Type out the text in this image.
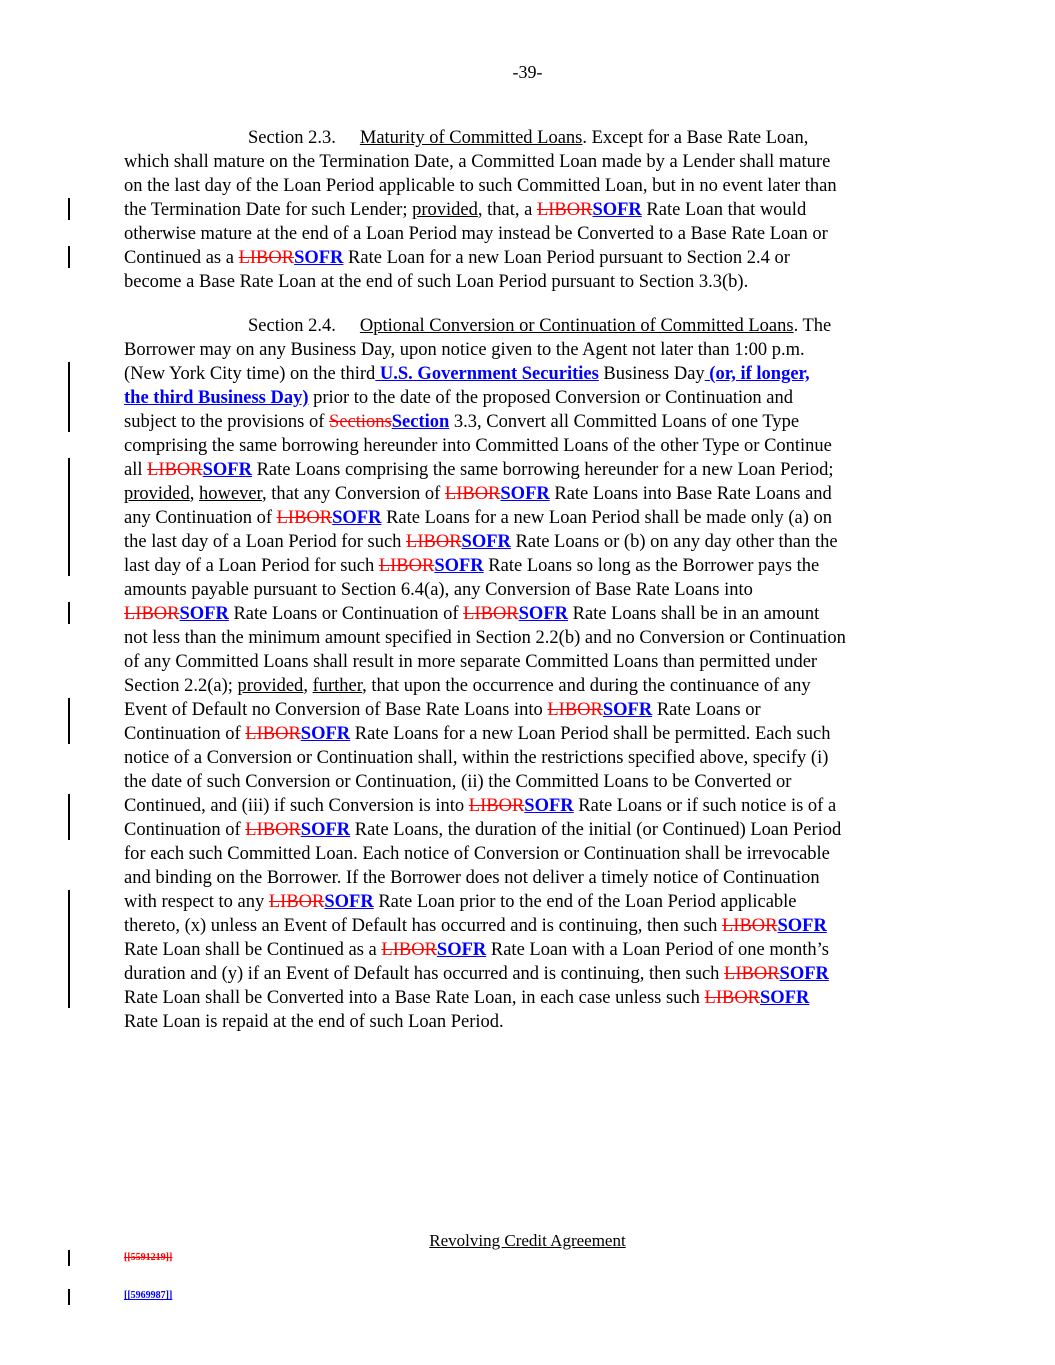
-39-
Section 2.3. Maturity of Committed Loans. Except for a Base Rate Loan,
which shall mature on the Termination Date, a Committed Loan made by a Lender shall mature
on the last day of the Loan Period applicable to such Committed Loan, but in no event later than
the Termination Date for such Lender; provided, that, a LIBORSOFR Rate Loan that would
otherwise mature at the end of a Loan Period may instead be Converted to a Base Rate Loan or
Continued as a LIBORSOFR Rate Loan for a new Loan Period pursuant to Section 2.4 or
become a Base Rate Loan at the end of such Loan Period pursuant to Section 3.3(b).
Section 2.4. Optional Conversion or Continuation of Committed Loans. The
Borrower may on any Business Day, upon notice given to the Agent not later than 1:00 p.m.
(New York City time) on the third U.S. Government Securities Business Day (or, if longer,
the third Business Day) prior to the date of the proposed Conversion or Continuation and
subject to the provisions of SectionsSection 3.3, Convert all Committed Loans of one Type
comprising the same borrowing hereunder into Committed Loans of the other Type or Continue
all LIBORSOFR Rate Loans comprising the same borrowing hereunder for a new Loan Period;
provided, however, that any Conversion of LIBORSOFR Rate Loans into Base Rate Loans and
any Continuation of LIBORSOFR Rate Loans for a new Loan Period shall be made only (a) on
the last day of a Loan Period for such LIBORSOFR Rate Loans or (b) on any day other than the
last day of a Loan Period for such LIBORSOFR Rate Loans so long as the Borrower pays the
amounts payable pursuant to Section 6.4(a), any Conversion of Base Rate Loans into
LIBORSOFR Rate Loans or Continuation of LIBORSOFR Rate Loans shall be in an amount
not less than the minimum amount specified in Section 2.2(b) and no Conversion or Continuation
of any Committed Loans shall result in more separate Committed Loans than permitted under
Section 2.2(a); provided, further, that upon the occurrence and during the continuance of any
Event of Default no Conversion of Base Rate Loans into LIBORSOFR Rate Loans or
Continuation of LIBORSOFR Rate Loans for a new Loan Period shall be permitted. Each such
notice of a Conversion or Continuation shall, within the restrictions specified above, specify (i)
the date of such Conversion or Continuation, (ii) the Committed Loans to be Converted or
Continued, and (iii) if such Conversion is into LIBORSOFR Rate Loans or if such notice is of a
Continuation of LIBORSOFR Rate Loans, the duration of the initial (or Continued) Loan Period
for each such Committed Loan. Each notice of Conversion or Continuation shall be irrevocable
and binding on the Borrower. If the Borrower does not deliver a timely notice of Continuation
with respect to any LIBORSOFR Rate Loan prior to the end of the Loan Period applicable
thereto, (x) unless an Event of Default has occurred and is continuing, then such LIBORSOFR
Rate Loan shall be Continued as a LIBORSOFR Rate Loan with a Loan Period of one month’s
duration and (y) if an Event of Default has occurred and is continuing, then such LIBORSOFR
Rate Loan shall be Converted into a Base Rate Loan, in each case unless such LIBORSOFR
Rate Loan is repaid at the end of such Loan Period.
Revolving Credit Agreement
[[5591219]]
[[5969987]]
